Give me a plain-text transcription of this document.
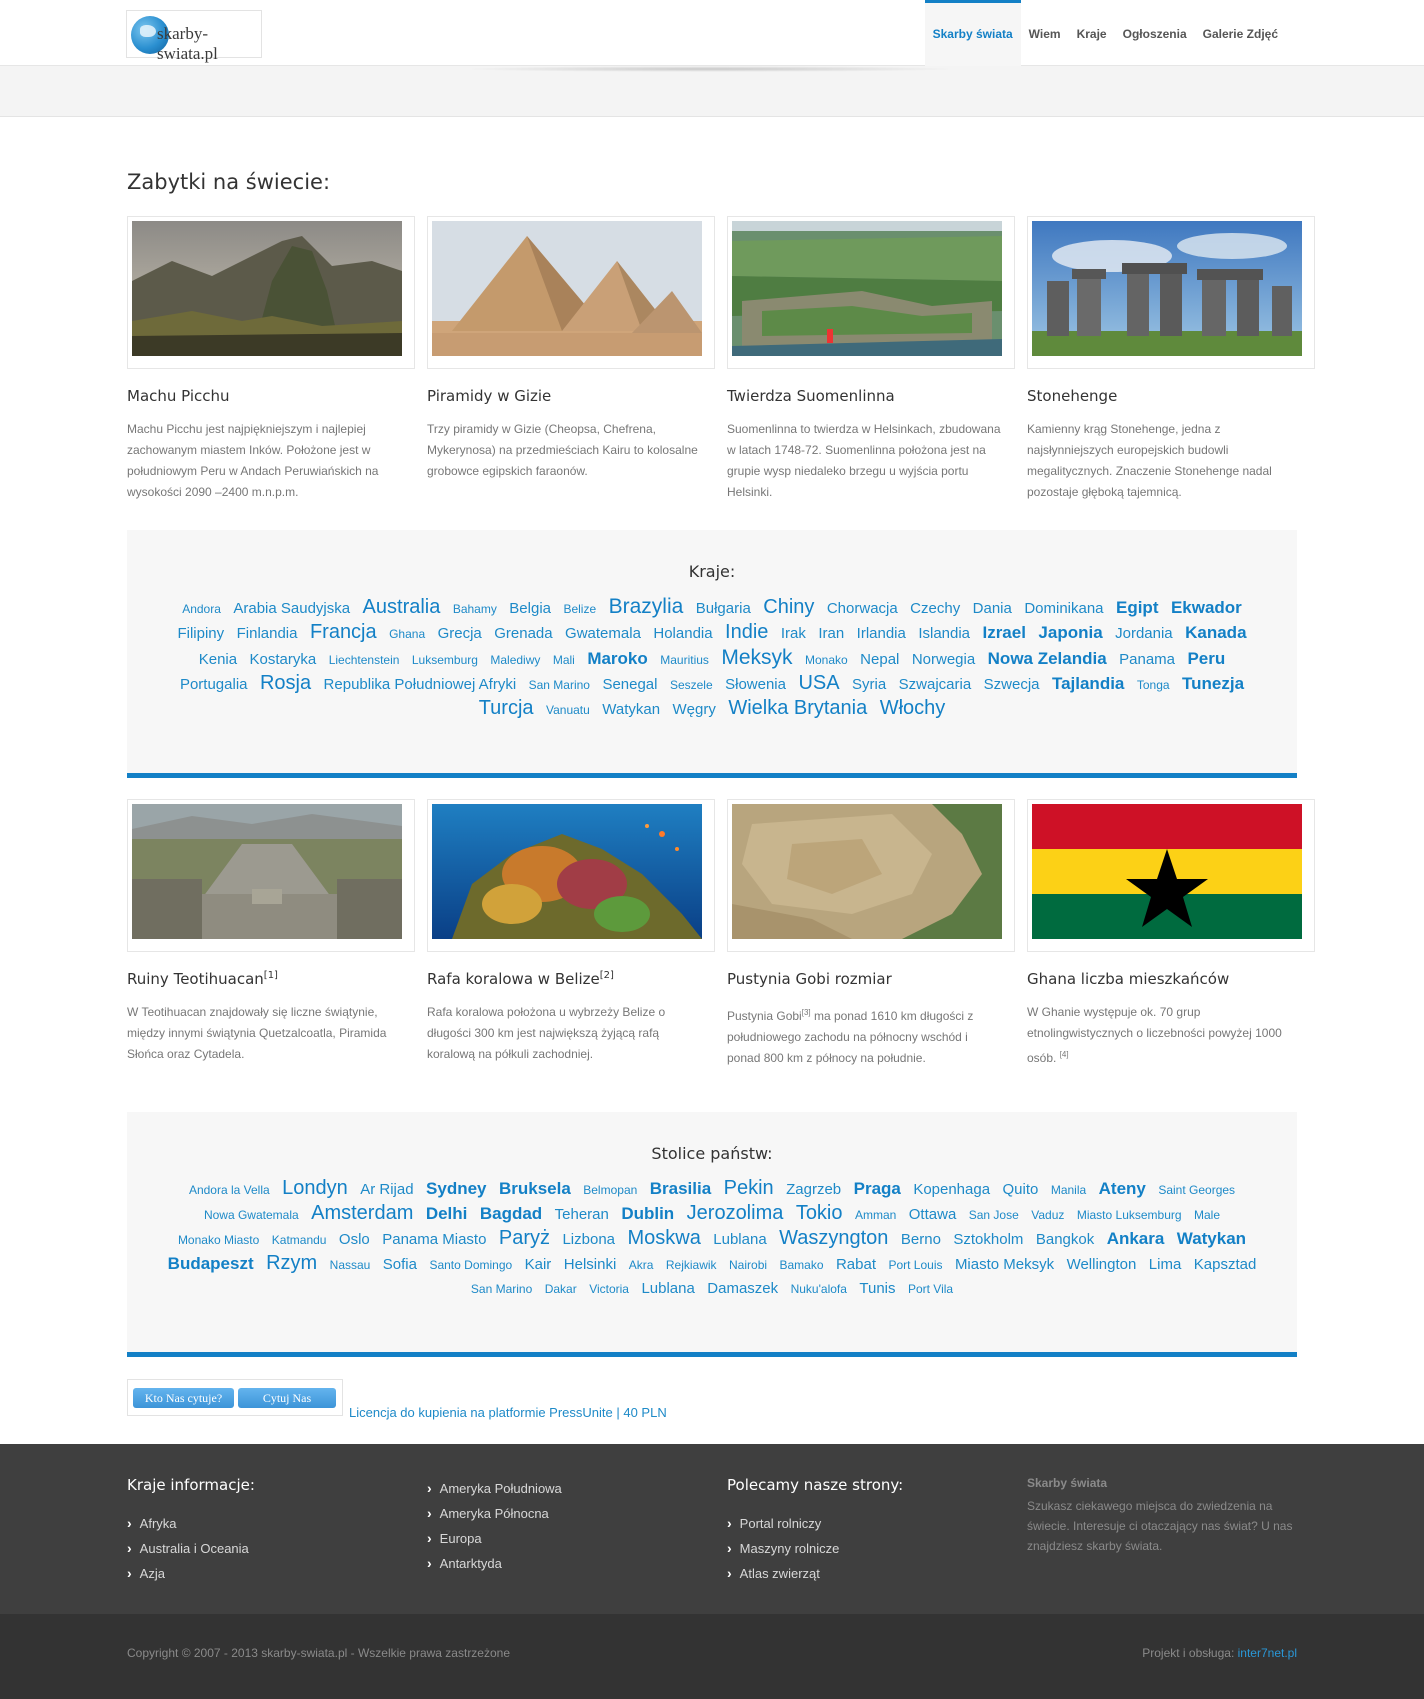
skarby-swiata.pl
Skarby świata	Wiem	Kraje	Ogłoszenia	Galerie Zdjęć
Zabytki na świecie:
Machu Picchu
Machu Picchu jest najpiękniejszym i najlepiej zachowanym miastem Inków. Położone jest w południowym Peru w Andach Peruwiańskich na wysokości 2090 –2400 m.n.p.m.
Piramidy w Gizie
Trzy piramidy w Gizie (Cheopsa, Chefrena, Mykerynosa) na przedmieściach Kairu to kolosalne grobowce egipskich faraonów.
Twierdza Suomenlinna
Suomenlinna to twierdza w Helsinkach, zbudowana w latach 1748-72. Suomenlinna położona jest na grupie wysp niedaleko brzegu u wyjścia portu Helsinki.
Stonehenge
Kamienny krąg Stonehenge, jedna z najsłynniejszych europejskich budowli megalitycznych. Znaczenie Stonehenge nadal pozostaje głęboką tajemnicą.
Kraje:
Andora Arabia Saudyjska Australia Bahamy Belgia Belize Brazylia Bułgaria Chiny Chorwacja Czechy Dania Dominikana Egipt Ekwador Filipiny Finlandia Francja Ghana Grecja Grenada Gwatemala Holandia Indie Irak Iran Irlandia Islandia Izrael Japonia Jordania Kanada Kenia Kostaryka Liechtenstein Luksemburg Malediwy Mali Maroko Mauritius Meksyk Monako Nepal Norwegia Nowa Zelandia Panama Peru Portugalia Rosja Republika Południowej Afryki San Marino Senegal Seszele Słowenia USA Syria Szwajcaria Szwecja Tajlandia Tonga Tunezja Turcja Vanuatu Watykan Węgry Wielka Brytania Włochy
Ruiny Teotihuacan[1]
W Teotihuacan znajdowały się liczne świątynie, między innymi świątynia Quetzalcoatla, Piramida Słońca oraz Cytadela.
Rafa koralowa w Belize[2]
Rafa koralowa położona u wybrzeży Belize o długości 300 km jest największą żyjącą rafą koralową na półkuli zachodniej.
Pustynia Gobi rozmiar
Pustynia Gobi[3] ma ponad 1610 km długości z południowego zachodu na północny wschód i ponad 800 km z północy na południe.
Ghana liczba mieszkańców
W Ghanie występuje ok. 70 grup etnolingwistycznych o liczebności powyżej 1000 osób. [4]
Stolice państw:
Andora la Vella Londyn Ar Rijad Sydney Bruksela Belmopan Brasilia Pekin Zagrzeb Praga Kopenhaga Quito Manila Ateny Saint Georges Nowa Gwatemala Amsterdam Delhi Bagdad Teheran Dublin Jerozolima Tokio Amman Ottawa San Jose Vaduz Miasto Luksemburg Male Monako Miasto Katmandu Oslo Panama Miasto Paryż Lizbona Moskwa Lublana Waszyngton Berno Sztokholm Bangkok Ankara Watykan Budapeszt Rzym Nassau Sofia Santo Domingo Kair Helsinki Akra Rejkiawik Nairobi Bamako Rabat Port Louis Miasto Meksyk Wellington Lima Kapsztad San Marino Dakar Victoria Lublana Damaszek Nuku'alofa Tunis Port Vila
Kto Nas cytuje?	Cytuj Nas
Licencja do kupienia na platformie PressUnite | 40 PLN
Kraje informacje:
› Afryka
› Australia i Oceania
› Azja
› Ameryka Południowa
› Ameryka Północna
› Europa
› Antarktyda
Polecamy nasze strony:
› Portal rolniczy
› Maszyny rolnicze
› Atlas zwierząt
Skarby świata
Szukasz ciekawego miejsca do zwiedzenia na świecie. Interesuje ci otaczający nas świat? U nas znajdziesz skarby świata.
Copyright © 2007 - 2013 skarby-swiata.pl - Wszelkie prawa zastrzeżone	Projekt i obsługa: inter7net.pl
